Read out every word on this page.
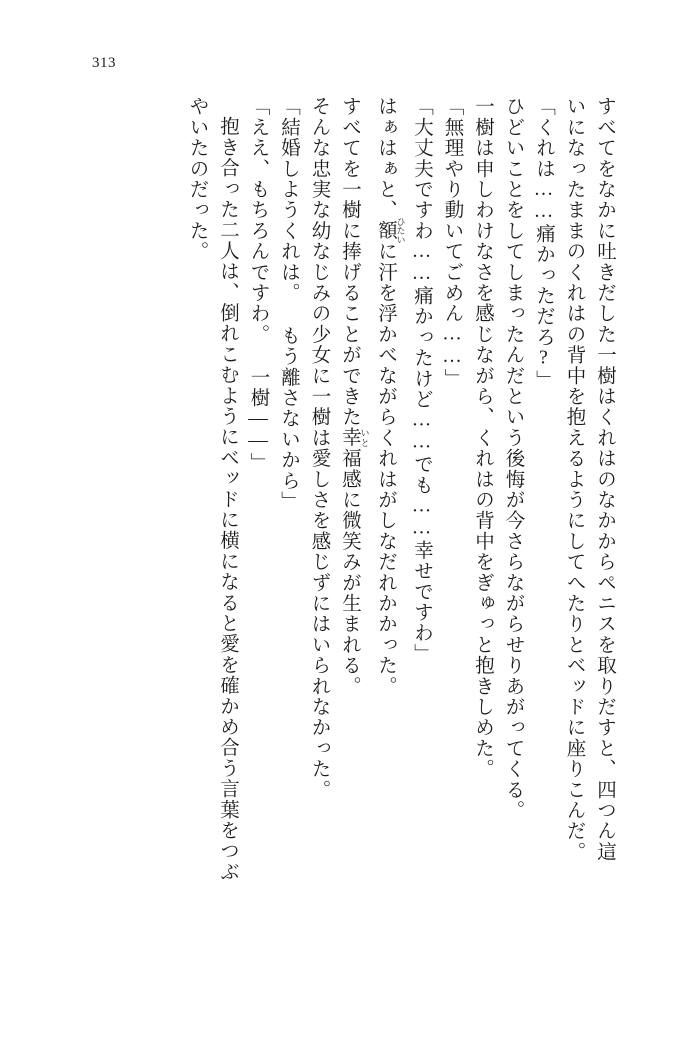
313

すべてをなかに吐きだした一樹はくれはのなかからペニスを取りだすと、四つん這

いになったままのくれはの背中を抱えるようにしてへたりとベッドに座りこんだ。

「くれは……痛かっただろ?」

ひどいことをしてしまったんだという後悔が今さらながらせりあがってくる。

一樹は申しわけなさを感じながら、くれはの背中をぎゅっと抱きしめた。

「無理やり動いてごめん……」

「大丈夫ですわ……痛かったけど……でも……幸せですわ」

はぁはぁと、額 ひたいに汗を浮かべながらくれはがしなだれかかった。

すべてを一樹に捧げることができた幸 いと福感に微笑みが生まれる。

そんな忠実な幼なじみの少女に一樹は愛しさを感じずにはいられなかった。

「結婚しようくれは。 もう離さないから」

「ええ、もちろんですわ。 一樹――」

抱き合った二人は、倒れこむようにベッドに横になると愛を確かめ合う言葉をつぶ

やいたのだった。
